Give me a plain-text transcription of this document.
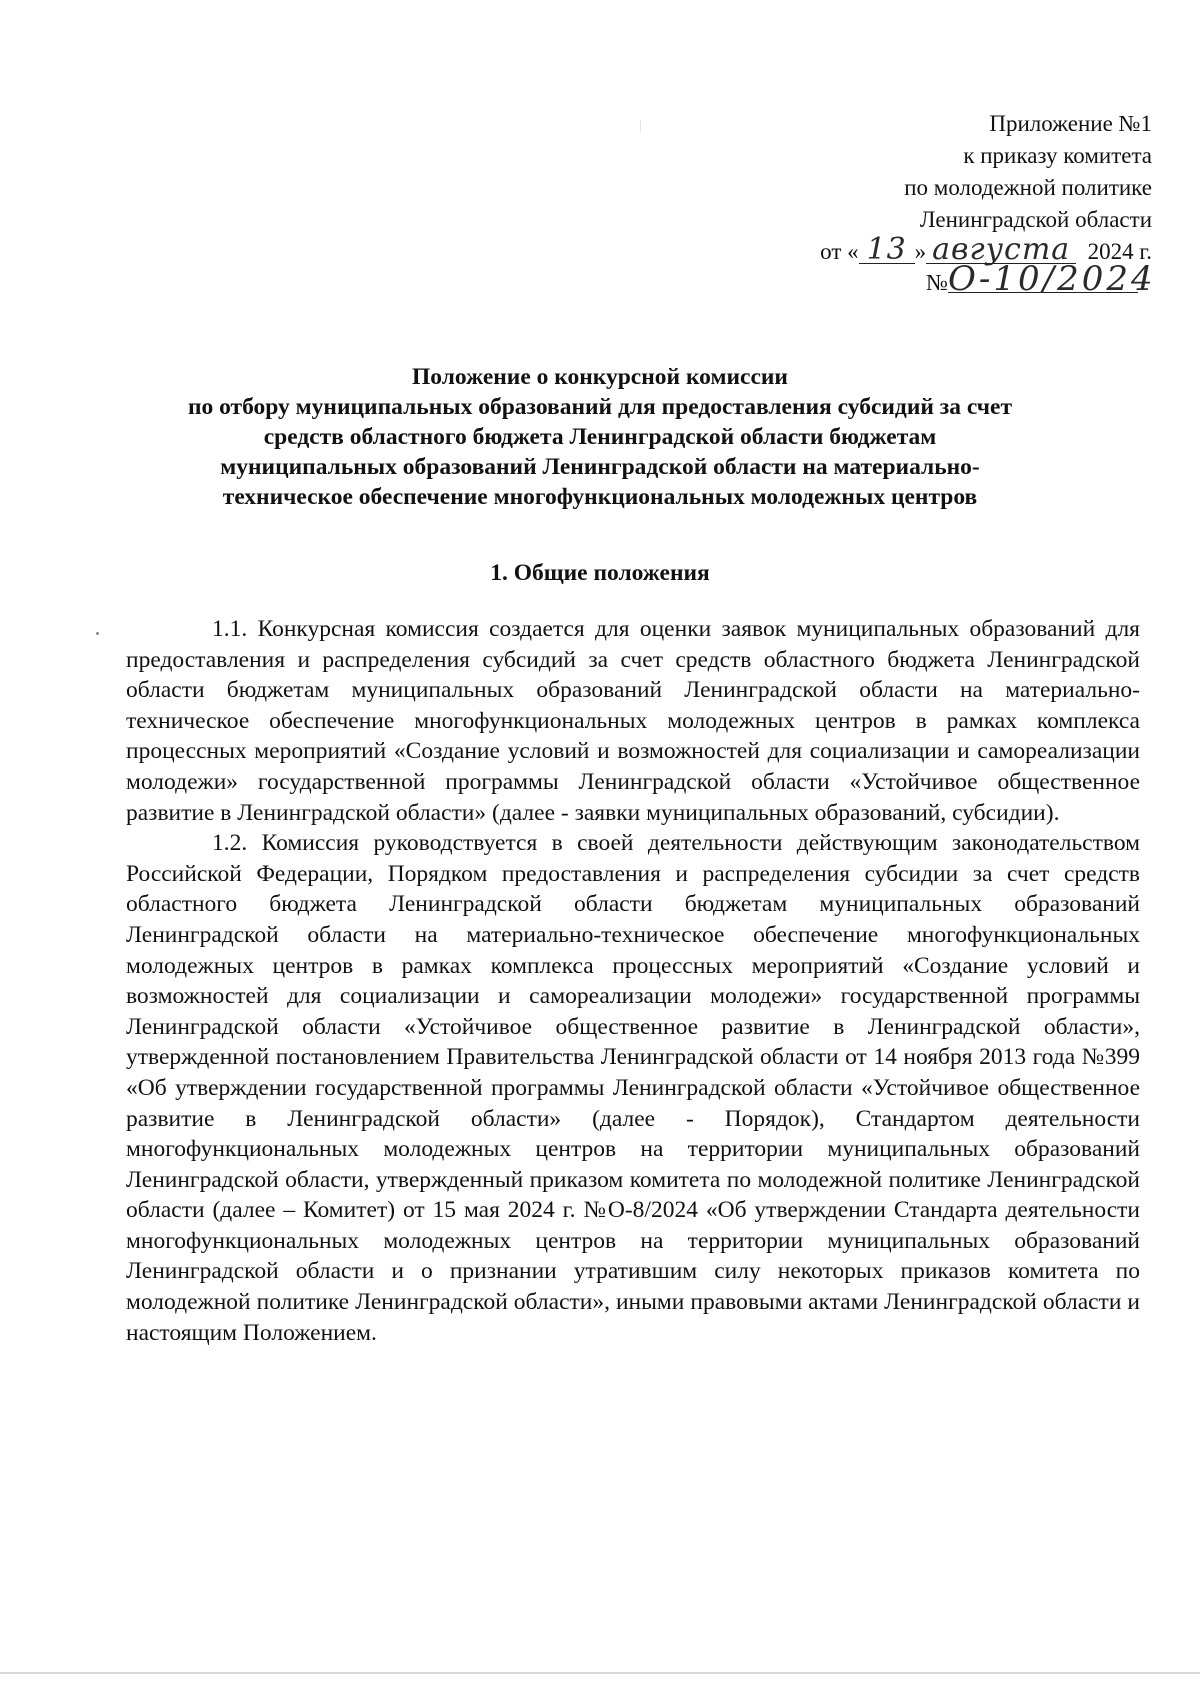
Приложение №1
к приказу комитета
по молодежной политике
Ленинградской области
от « 13 » августа 2024 г.
№О-10/2024
Положение о конкурсной комиссии
по отбору муниципальных образований для предоставления субсидий за счет
средств областного бюджета Ленинградской области бюджетам
муниципальных образований Ленинградской области на материально-
техническое обеспечение многофункциональных молодежных центров
1. Общие положения

1.1. Конкурсная комиссия создается для оценки заявок муниципальных образований для предоставления и распределения субсидий за счет средств областного бюджета Ленинградской области бюджетам муниципальных образований Ленинградской области на материально-техническое обеспечение многофункциональных молодежных центров в рамках комплекса процессных мероприятий «Создание условий и возможностей для социализации и самореализации молодежи» государственной программы Ленинградской области «Устойчивое общественное развитие в Ленинградской области» (далее - заявки муниципальных образований, субсидии).

1.2. Комиссия руководствуется в своей деятельности действующим законодательством Российской Федерации, Порядком предоставления и распределения субсидии за счет средств областного бюджета Ленинградской области бюджетам муниципальных образований Ленинградской области на материально-техническое обеспечение многофункциональных молодежных центров в рамках комплекса процессных мероприятий «Создание условий и возможностей для социализации и самореализации молодежи» государственной программы Ленинградской области «Устойчивое общественное развитие в Ленинградской области», утвержденной постановлением Правительства Ленинградской области от 14 ноября 2013 года №399 «Об утверждении государственной программы Ленинградской области «Устойчивое общественное развитие в Ленинградской области» (далее - Порядок), Стандартом деятельности многофункциональных молодежных центров на территории муниципальных образований Ленинградской области, утвержденный приказом комитета по молодежной политике Ленинградской области (далее – Комитет) от 15 мая 2024 г. №О-8/2024 «Об утверждении Стандарта деятельности многофункциональных молодежных центров на территории муниципальных образований Ленинградской области и о признании утратившим силу некоторых приказов комитета по молодежной политике Ленинградской области», иными правовыми актами Ленинградской области и настоящим Положением.
